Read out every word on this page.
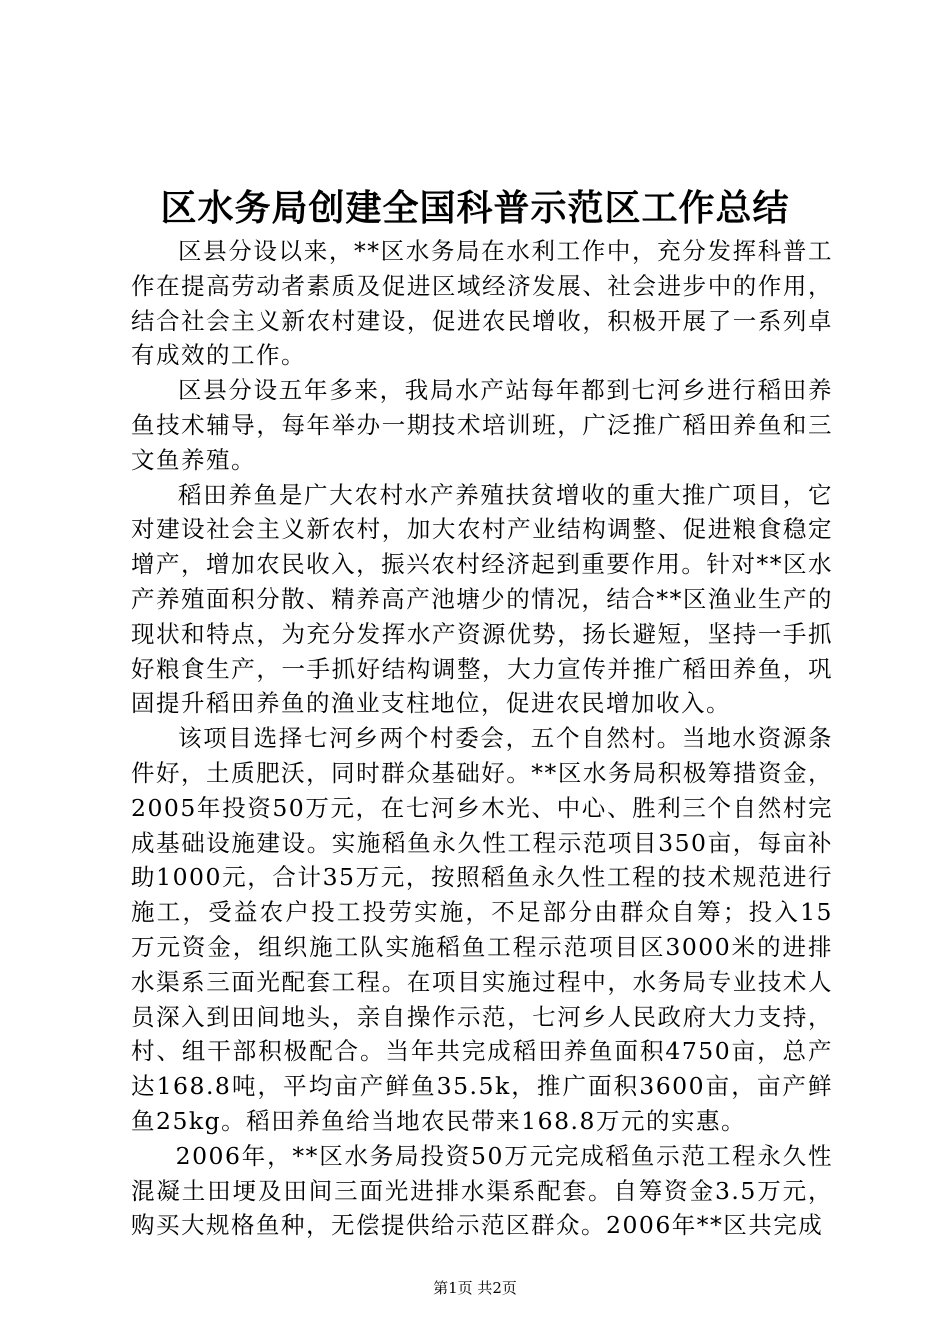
区水务局创建全国科普示范区工作总结

区县分设以来，**区水务局在水利工作中，充分发挥科普工作在提高劳动者素质及促进区域经济发展、社会进步中的作用，结合社会主义新农村建设，促进农民增收，积极开展了一系列卓有成效的工作。

区县分设五年多来，我局水产站每年都到七河乡进行稻田养鱼技术辅导，每年举办一期技术培训班，广泛推广稻田养鱼和三文鱼养殖。

稻田养鱼是广大农村水产养殖扶贫增收的重大推广项目，它对建设社会主义新农村，加大农村产业结构调整、促进粮食稳定增产，增加农民收入，振兴农村经济起到重要作用。针对**区水产养殖面积分散、精养高产池塘少的情况，结合**区渔业生产的现状和特点，为充分发挥水产资源优势，扬长避短，坚持一手抓好粮食生产，一手抓好结构调整，大力宣传并推广稻田养鱼，巩固提升稻田养鱼的渔业支柱地位，促进农民增加收入。

该项目选择七河乡两个村委会，五个自然村。当地水资源条件好，土质肥沃，同时群众基础好。**区水务局积极筹措资金，2005年投资50万元，在七河乡木光、中心、胜利三个自然村完成基础设施建设。实施稻鱼永久性工程示范项目350亩，每亩补助1000元，合计35万元，按照稻鱼永久性工程的技术规范进行施工，受益农户投工投劳实施，不足部分由群众自筹；投入15万元资金，组织施工队实施稻鱼工程示范项目区3000米的进排水渠系三面光配套工程。在项目实施过程中，水务局专业技术人员深入到田间地头，亲自操作示范，七河乡人民政府大力支持，村、组干部积极配合。当年共完成稻田养鱼面积4750亩，总产达168.8吨，平均亩产鲜鱼35.5k，推广面积3600亩，亩产鲜鱼25kg。稻田养鱼给当地农民带来168.8万元的实惠。

2006年，**区水务局投资50万元完成稻鱼示范工程永久性混凝土田埂及田间三面光进排水渠系配套。自筹资金3.5万元，购买大规格鱼种，无偿提供给示范区群众。2006年**区共完成

第1页 共2页
